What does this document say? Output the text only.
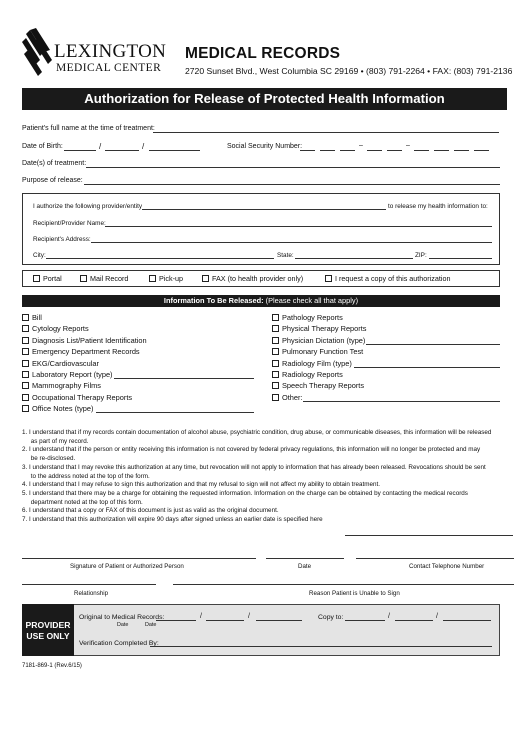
LEXINGTON
MEDICAL CENTER
MEDICAL RECORDS
2720 Sunset Blvd., West Columbia SC 29169 • (803) 791-2264 • FAX: (803) 791-2136
Authorization for Release of Protected Health Information
Patient's full name at the time of treatment:
Date of Birth:	/	/	Social Security Number:	–	–
Date(s) of treatment:
Purpose of release:
I authorize the following provider/entity	to release my health information to:
Recipient/Provider Name:
Recipient's Address:
City:	State:	ZIP:
Portal	Mail Record	Pick-up	FAX (to health provider only)	I request a copy of this authorization
Information To Be Released: (Please check all that apply)
Bill
Cytology Reports
Diagnosis List/Patient Identification
Emergency Department Records
EKG/Cardiovascular
Laboratory Report (type)
Mammography Films
Occupational Therapy Reports
Office Notes (type)
Pathology Reports
Physical Therapy Reports
Physician Dictation (type)
Pulmonary Function Test
Radiology Film (type)
Radiology Reports
Speech Therapy Reports
Other:
1. I understand that if my records contain documentation of alcohol abuse, psychiatric condition, drug abuse, or communicable diseases, this information will be released
as part of my record.
2. I understand that if the person or entity receiving this information is not covered by federal privacy regulations, this information will no longer be protected and may
be re-disclosed.
3. I understand that I may revoke this authorization at any time, but revocation will not apply to information that has already been released. Revocations should be sent
to the address noted at the top of the form.
4. I understand that I may refuse to sign this authorization and that my refusal to sign will not affect my ability to obtain treatment.
5. I understand that there may be a charge for obtaining the requested information. Information on the charge can be obtained by contacting the medical records
department noted at the top of this form.
6. I understand that a copy or FAX of this document is just as valid as the original document.
7. I understand that this authorization will expire 90 days after signed unless an earlier date is specified here
Signature of Patient or Authorized Person	Date	Contact Telephone Number
Relationship	Reason Patient is Unable to Sign
PROVIDER
USE ONLY
Original to Medical Records:	/	/
Date
Copy to:	/	/
Date
Verification Completed By:
7181-869-1 (Rev.6/15)
